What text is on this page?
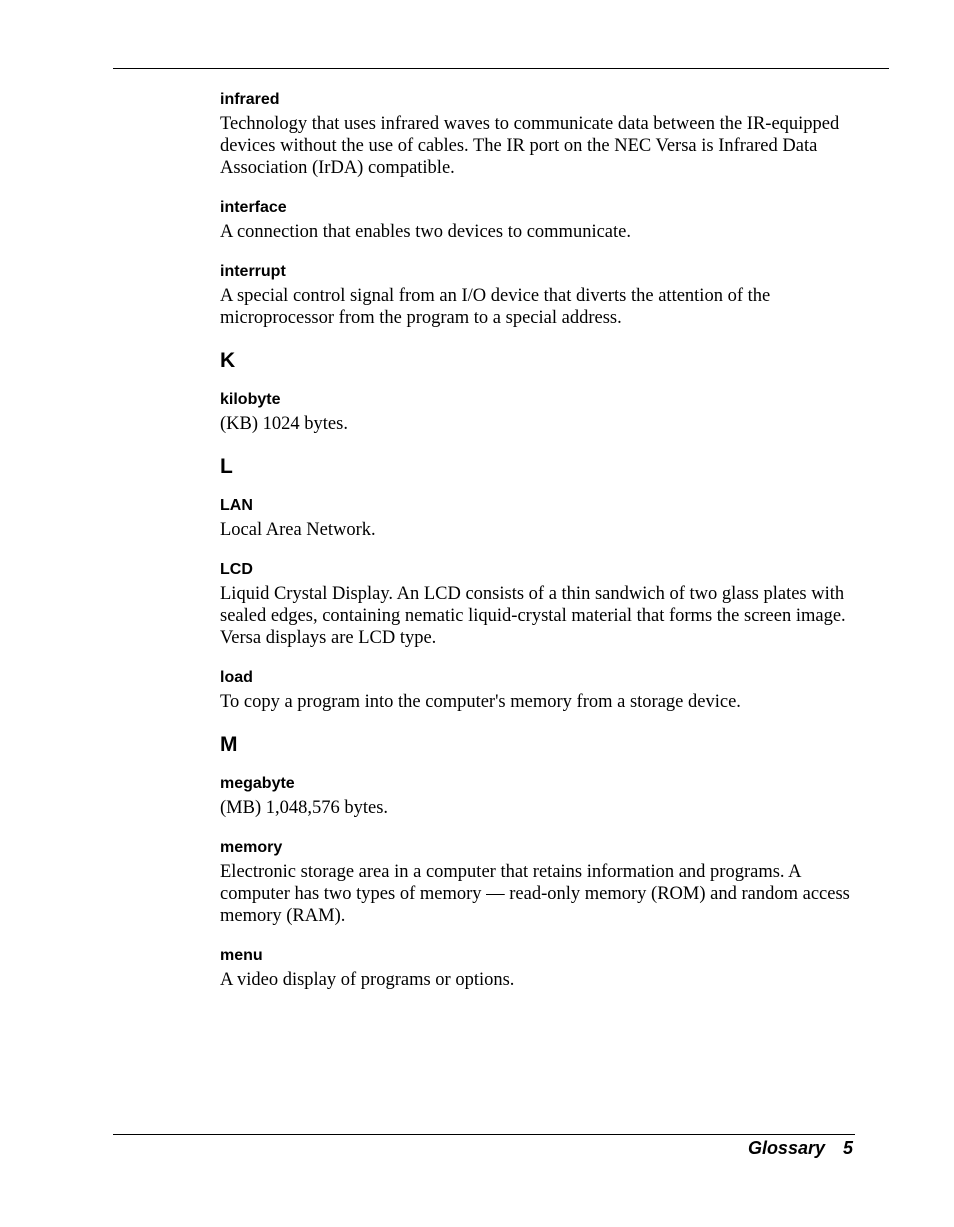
infrared
Technology that uses infrared waves to communicate data between the IR-equipped
devices without the use of cables. The IR port on the NEC Versa is Infrared Data
Association (IrDA) compatible.
interface
A connection that enables two devices to communicate.
interrupt
A special control signal from an I/O device that diverts the attention of the
microprocessor from the program to a special address.
K
kilobyte
(KB) 1024 bytes.
L
LAN
Local Area Network.
LCD
Liquid Crystal Display. An LCD consists of a thin sandwich of two glass plates with
sealed edges, containing nematic liquid-crystal material that forms the screen image.
Versa displays are LCD type.
load
To copy a program into the computer's memory from a storage device.
M
megabyte
(MB) 1,048,576 bytes.
memory
Electronic storage area in a computer that retains information and programs. A
computer has two types of memory — read-only memory (ROM) and random access
memory (RAM).
menu
A video display of programs or options.
Glossary 5
